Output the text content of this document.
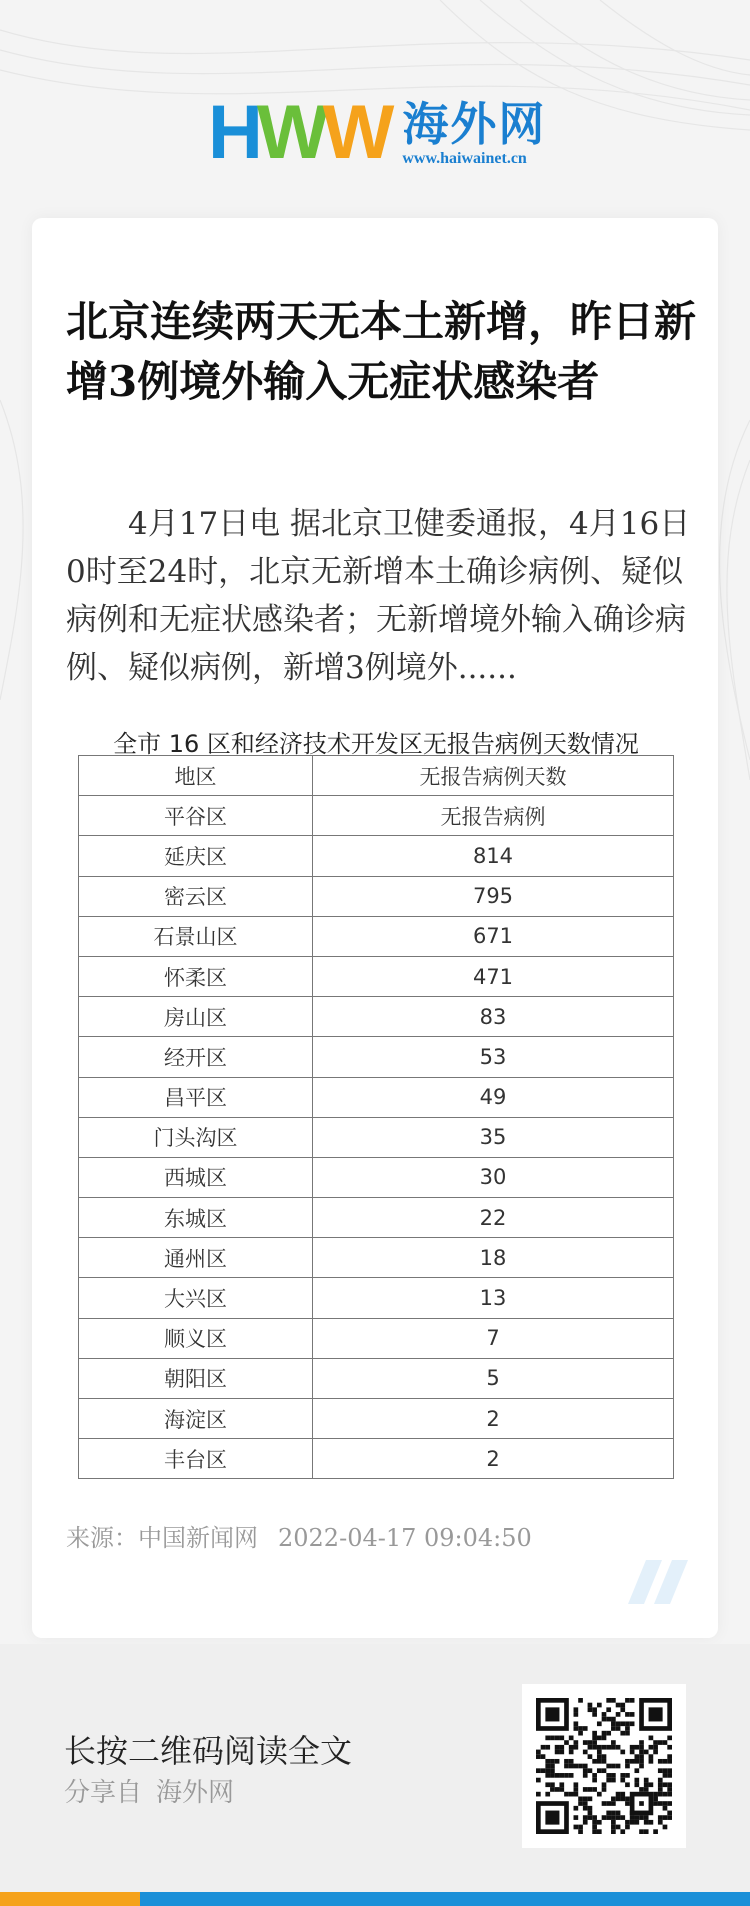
H W W 海外网
www.haiwainet.cn
北京连续两天无本土新增，昨日新增3例境外输入无症状感染者

4月17日电 据北京卫健委通报，4月16日0时至24时，北京无新增本土确诊病例、疑似病例和无症状感染者；无新增境外输入确诊病例、疑似病例，新增3例境外......

全市 16 区和经济技术开发区无报告病例天数情况
地区	无报告病例天数
平谷区	无报告病例
延庆区	814
密云区	795
石景山区	671
怀柔区	471
房山区	83
经开区	53
昌平区	49
门头沟区	35
西城区	30
东城区	22
通州区	18
大兴区	13
顺义区	7
朝阳区	5
海淀区	2
丰台区	2
来源：中国新闻网 2022-04-17 09:04:50
长按二维码阅读全文
分享自 海外网
